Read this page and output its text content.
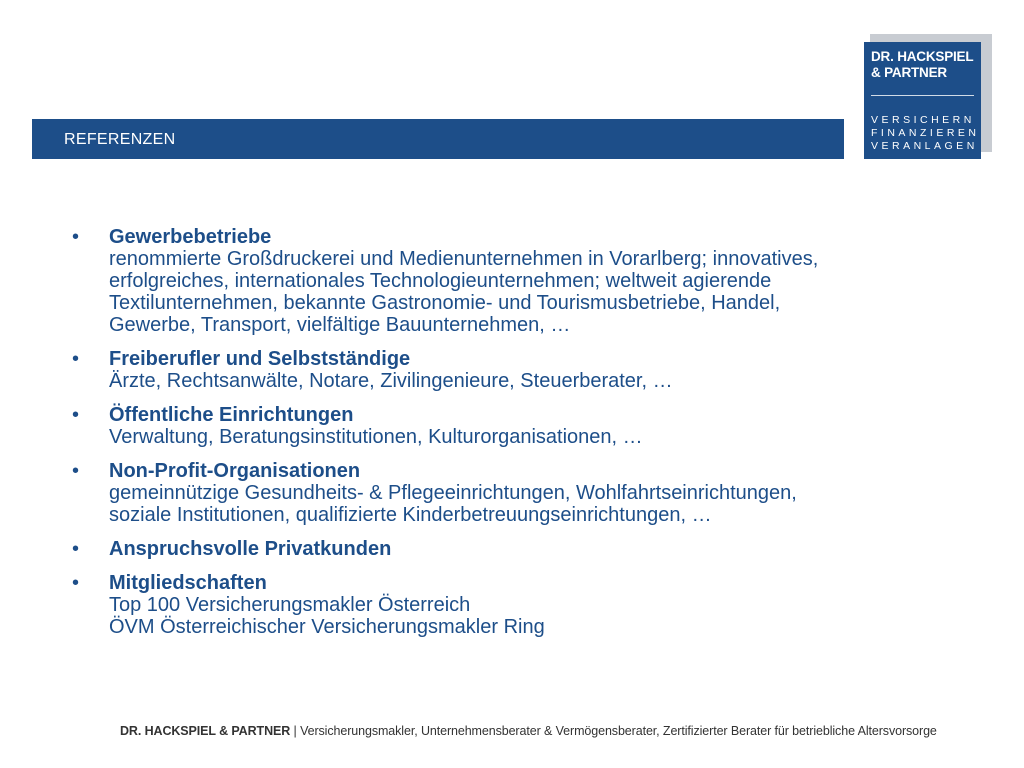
REFERENZEN
DR. HACKSPIEL
& PARTNER
VERSICHERN
FINANZIEREN
VERANLAGEN
•	Gewerbebetriebe
renommierte Großdruckerei und Medienunternehmen in Vorarlberg; innovatives,
erfolgreiches, internationales Technologieunternehmen; weltweit agierende
Textilunternehmen, bekannte Gastronomie- und Tourismusbetriebe, Handel,
Gewerbe, Transport, vielfältige Bauunternehmen, …
•	Freiberufler und Selbstständige
Ärzte, Rechtsanwälte, Notare, Zivilingenieure, Steuerberater, …
•	Öffentliche Einrichtungen
Verwaltung, Beratungsinstitutionen, Kulturorganisationen, …
•	Non-Profit-Organisationen
gemeinnützige Gesundheits- & Pflegeeinrichtungen, Wohlfahrtseinrichtungen,
soziale Institutionen, qualifizierte Kinderbetreuungseinrichtungen, …
•	Anspruchsvolle Privatkunden
•	Mitgliedschaften
Top 100 Versicherungsmakler Österreich
ÖVM Österreichischer Versicherungsmakler Ring
DR. HACKSPIEL & PARTNER | Versicherungsmakler, Unternehmensberater & Vermögensberater, Zertifizierter Berater für betriebliche Altersvorsorge
